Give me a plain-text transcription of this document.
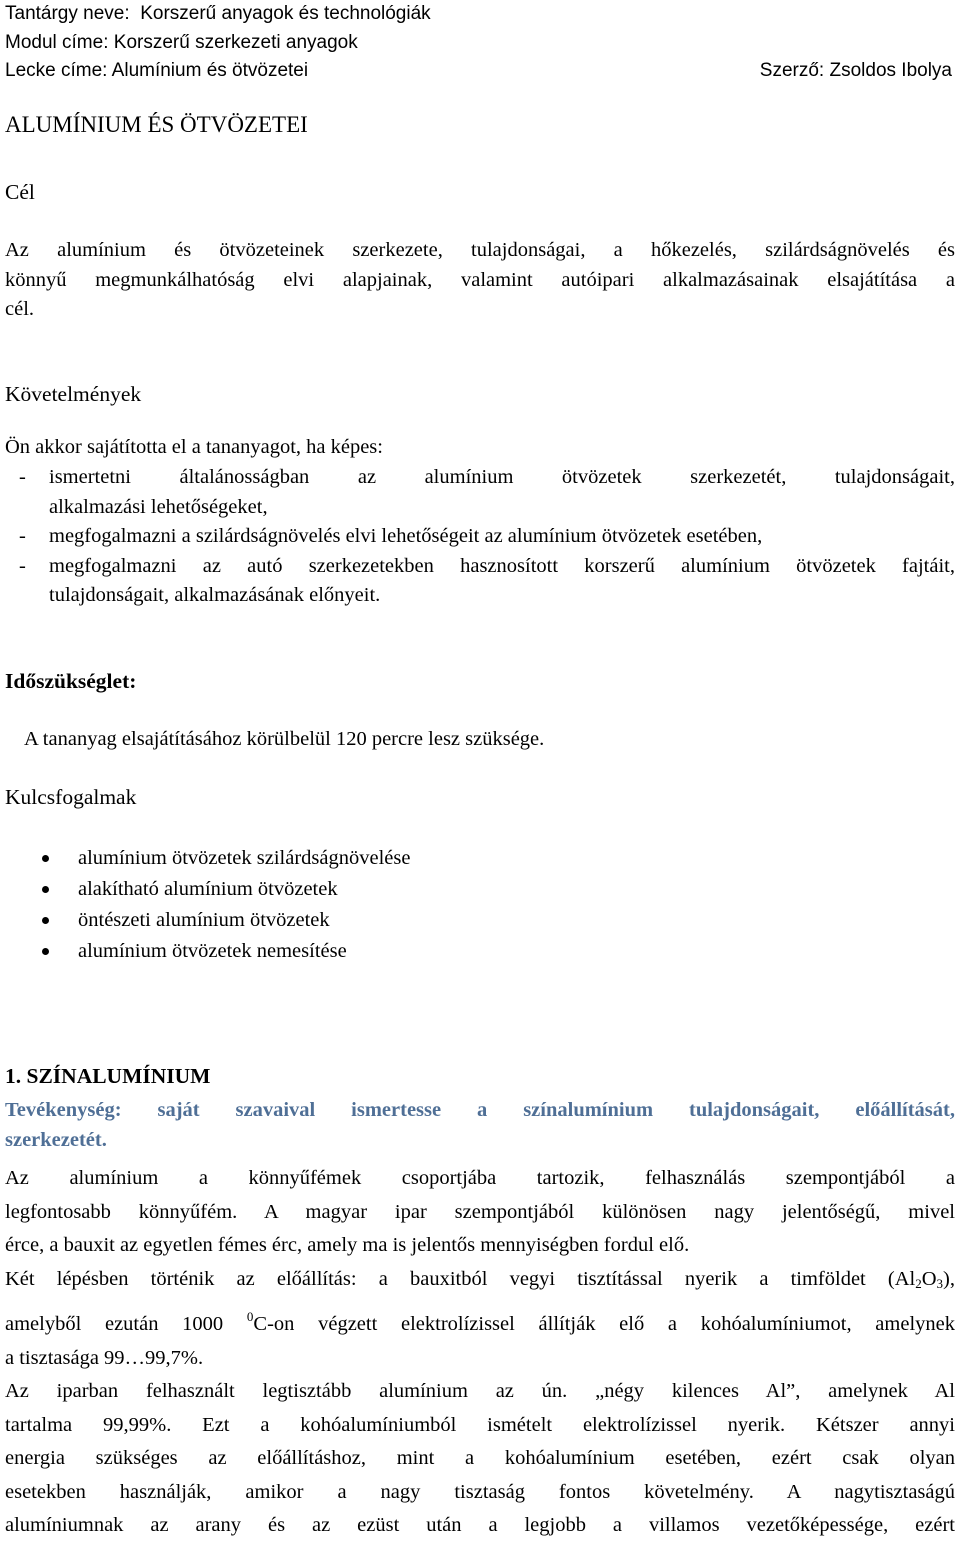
Tantárgy neve: Korszerű anyagok és technológiák
Modul címe: Korszerű szerkezeti anyagok
Lecke címe: Alumínium és ötvözetei	Szerző: Zsoldos Ibolya
ALUMÍNIUM ÉS ÖTVÖZETEI
Cél
Az alumínium és ötvözeteinek szerkezete, tulajdonságai, a hőkezelés, szilárdságnövelés és
könnyű megmunkálhatóság elvi alapjainak, valamint autóipari alkalmazásainak elsajátítása a
cél.
Követelmények
Ön akkor sajátította el a tananyagot, ha képes:
- ismertetni általánosságban az alumínium ötvözetek szerkezetét, tulajdonságait,
alkalmazási lehetőségeket,
- megfogalmazni a szilárdságnövelés elvi lehetőségeit az alumínium ötvözetek esetében,
- megfogalmazni az autó szerkezetekben hasznosított korszerű alumínium ötvözetek fajtáit,
tulajdonságait, alkalmazásának előnyeit.
Időszükséglet:
A tananyag elsajátításához körülbelül 120 percre lesz szüksége.
Kulcsfogalmak
alumínium ötvözetek szilárdságnövelése
alakítható alumínium ötvözetek
öntészeti alumínium ötvözetek
alumínium ötvözetek nemesítése
1. SZÍNALUMÍNIUM
Tevékenység: saját szavaival ismertesse a színalumínium tulajdonságait, előállítását,
szerkezetét.
Az alumínium a könnyűfémek csoportjába tartozik, felhasználás szempontjából a
legfontosabb könnyűfém. A magyar ipar szempontjából különösen nagy jelentőségű, mivel
érce, a bauxit az egyetlen fémes érc, amely ma is jelentős mennyiségben fordul elő.
Két lépésben történik az előállítás: a bauxitból vegyi tisztítással nyerik a timföldet $(Al_2O_3)$,
amelyből ezután 1000 $^0$C-on végzett elektrolízissel állítják elő a kohóalumíniumot, amelynek
a tisztasága 99…99,7%.
Az iparban felhasznált legtisztább alumínium az ún. „négy kilences Al”, amelynek Al
tartalma 99,99%. Ezt a kohóalumíniumból ismételt elektrolízissel nyerik. Kétszer annyi
energia szükséges az előállításhoz, mint a kohóalumínium esetében, ezért csak olyan
esetekben használják, amikor a nagy tisztaság fontos követelmény. A nagytisztaságú
alumíniumnak az arany és az ezüst után a legjobb a villamos vezetőképessége, ezért
